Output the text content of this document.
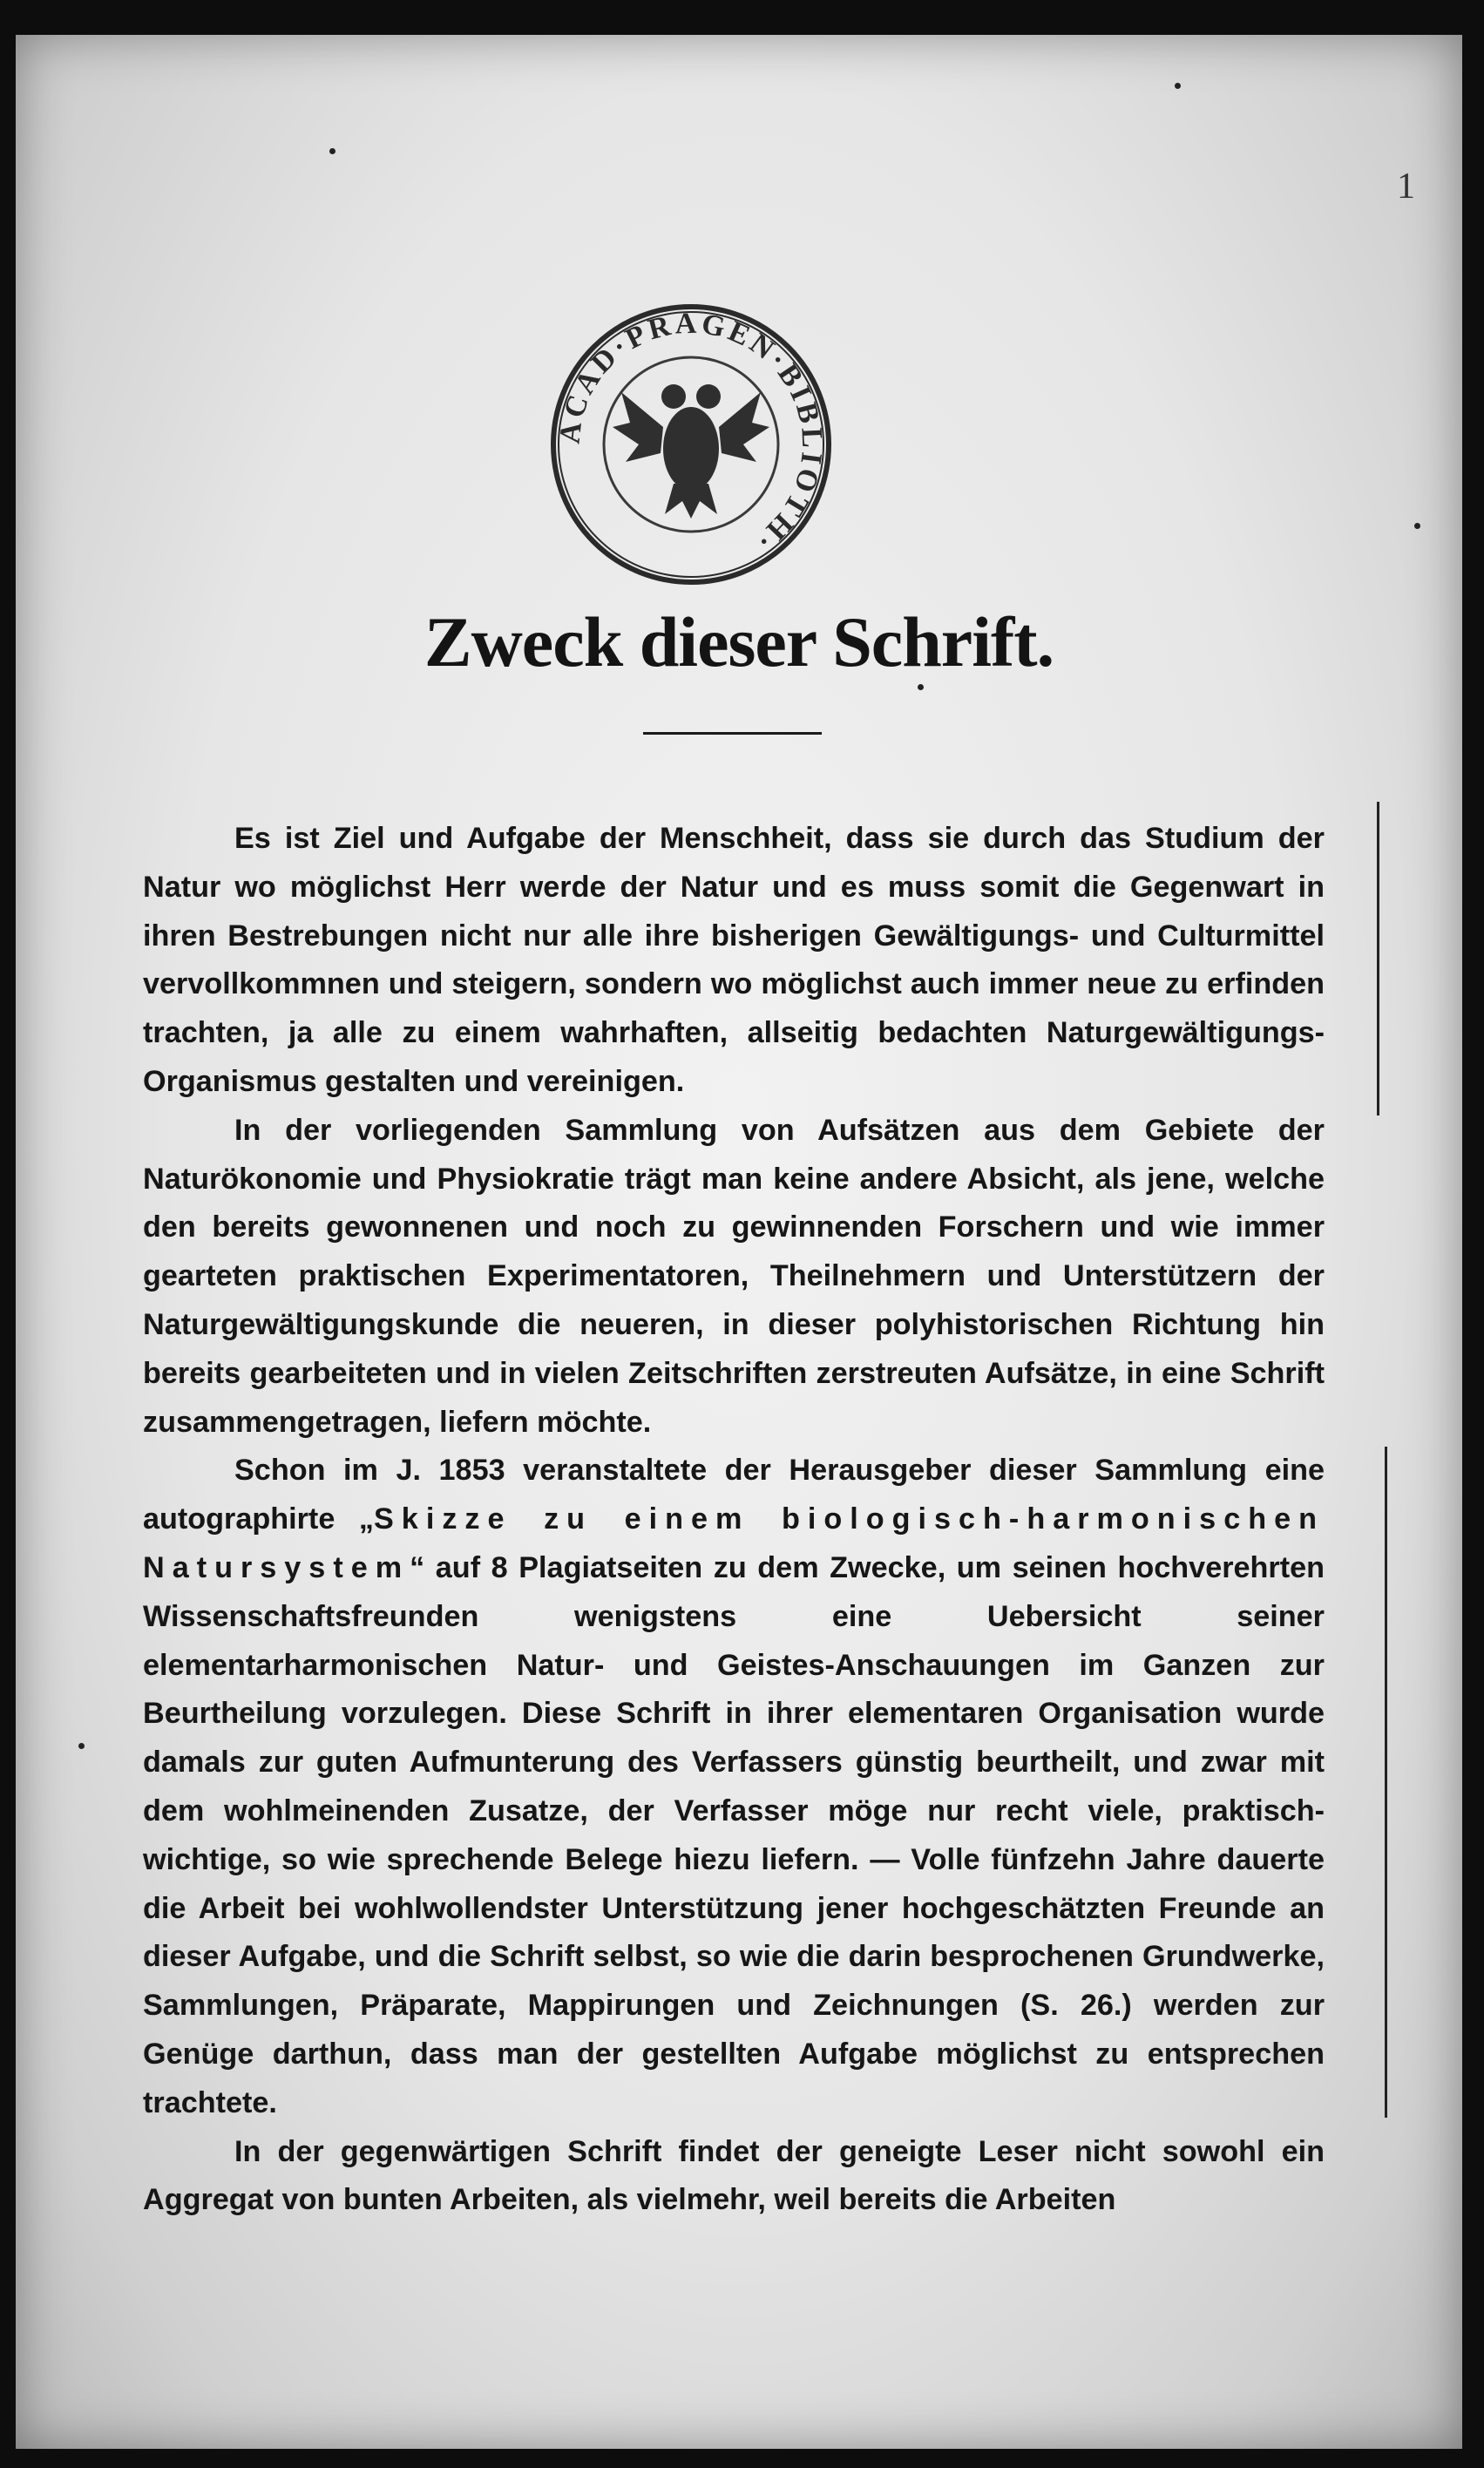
1
ACAD·PRAGEN·BIBLIOTH·
Zweck dieser Schrift.

Es ist Ziel und Aufgabe der Menschheit, dass sie durch das Studium der Natur wo möglichst Herr werde der Natur und es muss somit die Gegenwart in ihren Bestrebungen nicht nur alle ihre bisherigen Gewältigungs- und Culturmittel vervollkommnen und steigern, sondern wo möglichst auch immer neue zu erfinden trachten, ja alle zu einem wahrhaften, allseitig bedachten Naturgewältigungs-Organismus gestalten und vereinigen.

In der vorliegenden Sammlung von Aufsätzen aus dem Gebiete der Naturökonomie und Physiokratie trägt man keine andere Absicht, als jene, welche den bereits gewonnenen und noch zu gewinnenden Forschern und wie immer gearteten praktischen Experimentatoren, Theilnehmern und Unterstützern der Naturgewältigungskunde die neueren, in dieser polyhistorischen Richtung hin bereits gearbeiteten und in vielen Zeitschriften zerstreuten Aufsätze, in eine Schrift zusammengetragen, liefern möchte.

Schon im J. 1853 veranstaltete der Herausgeber dieser Sammlung eine autographirte „Skizze zu einem biologisch-harmonischen Natursystem“ auf 8 Plagiatseiten zu dem Zwecke, um seinen hochverehrten Wissenschaftsfreunden wenigstens eine Uebersicht seiner elementarharmonischen Natur- und Geistes-Anschauungen im Ganzen zur Beurtheilung vorzulegen. Diese Schrift in ihrer elementaren Organisation wurde damals zur guten Aufmunterung des Verfassers günstig beurtheilt, und zwar mit dem wohlmeinenden Zusatze, der Verfasser möge nur recht viele, praktisch-wichtige, so wie sprechende Belege hiezu liefern. — Volle fünfzehn Jahre dauerte die Arbeit bei wohlwollendster Unterstützung jener hochgeschätzten Freunde an dieser Aufgabe, und die Schrift selbst, so wie die darin besprochenen Grundwerke, Sammlungen, Präparate, Mappirungen und Zeichnungen (S. 26.) werden zur Genüge darthun, dass man der gestellten Aufgabe möglichst zu entsprechen trachtete.

In der gegenwärtigen Schrift findet der geneigte Leser nicht sowohl ein Aggregat von bunten Arbeiten, als vielmehr, weil bereits die Arbeiten
